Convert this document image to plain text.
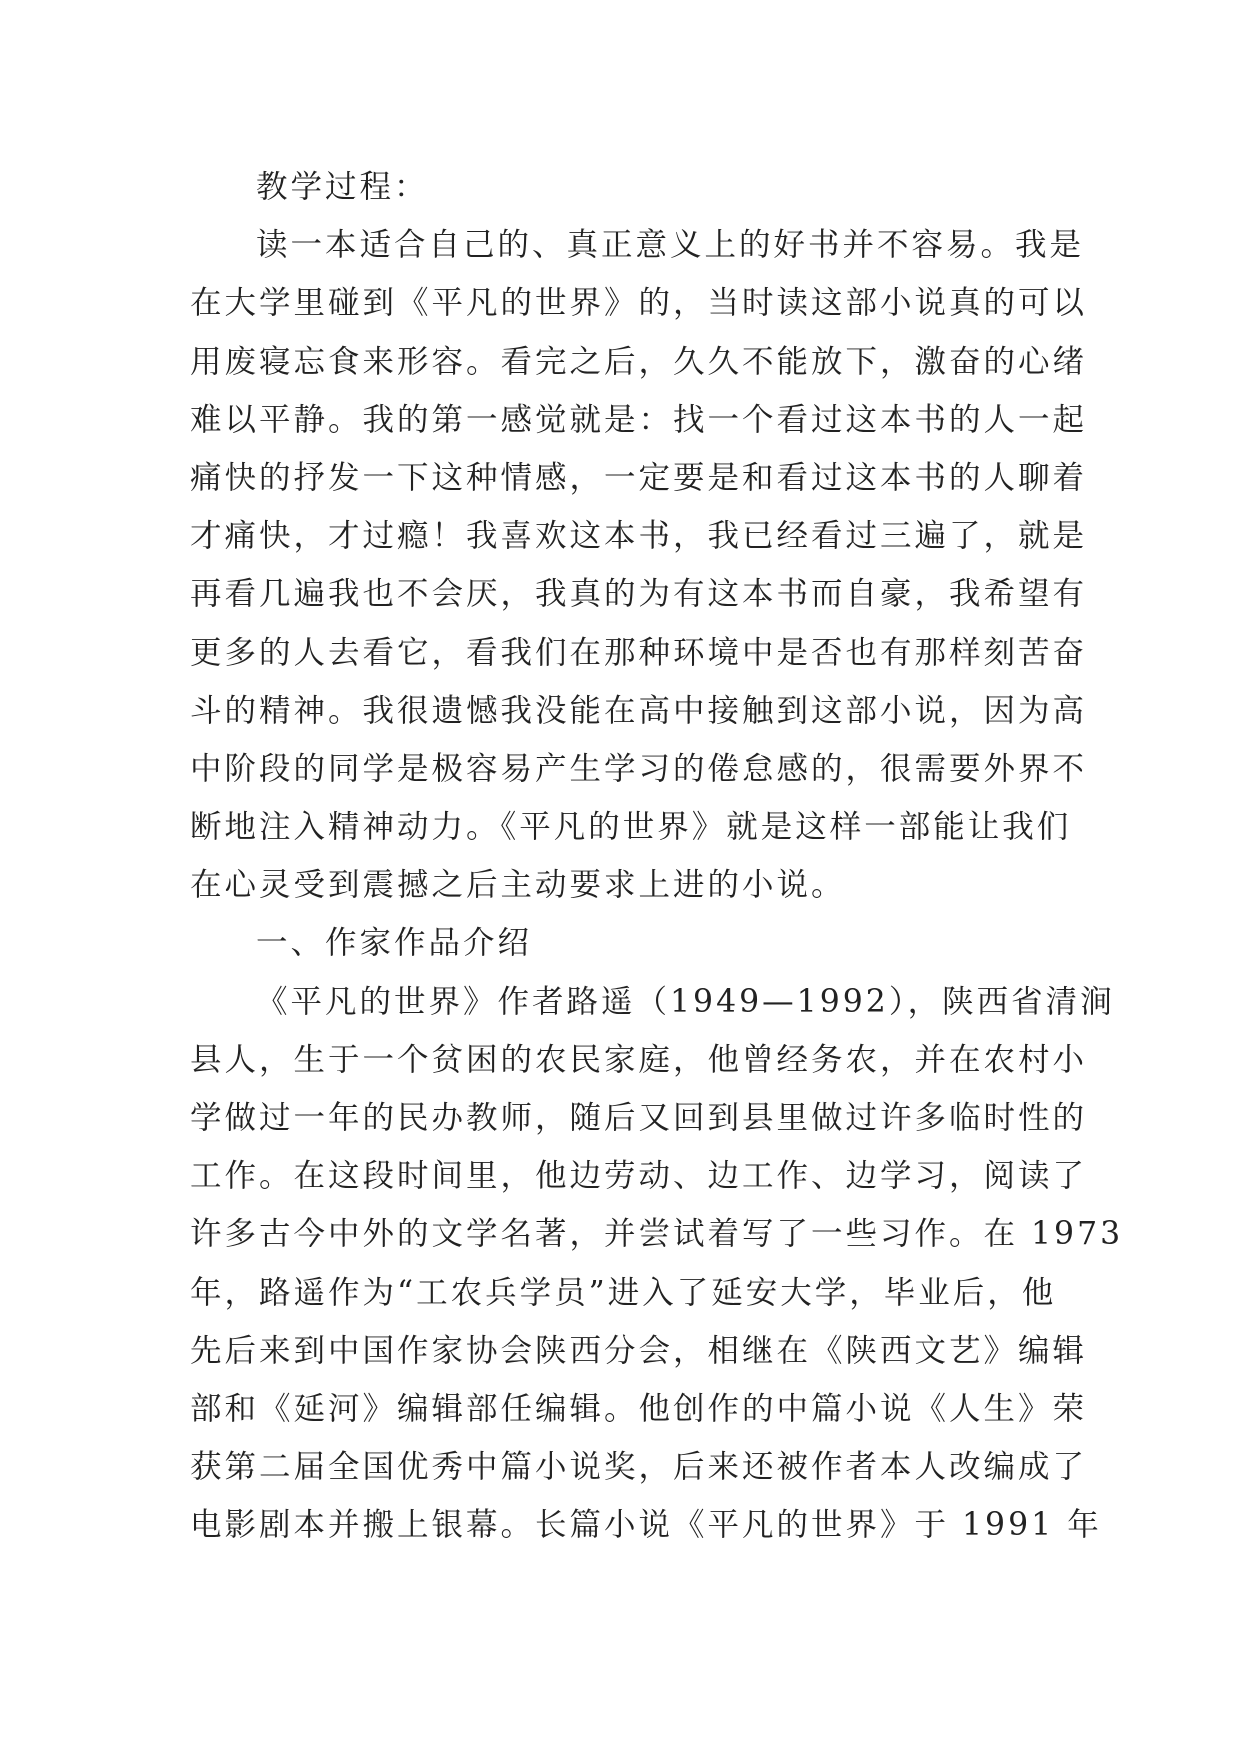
教学过程：
读一本适合自己的、真正意义上的好书并不容易。我是
在大学里碰到《平凡的世界》的，当时读这部小说真的可以
用废寝忘食来形容。看完之后，久久不能放下，激奋的心绪
难以平静。我的第一感觉就是：找一个看过这本书的人一起
痛快的抒发一下这种情感，一定要是和看过这本书的人聊着
才痛快，才过瘾！我喜欢这本书，我已经看过三遍了，就是
再看几遍我也不会厌，我真的为有这本书而自豪，我希望有
更多的人去看它，看我们在那种环境中是否也有那样刻苦奋
斗的精神。我很遗憾我没能在高中接触到这部小说，因为高
中阶段的同学是极容易产生学习的倦怠感的，很需要外界不
断地注入精神动力。《平凡的世界》就是这样一部能让我们
在心灵受到震撼之后主动要求上进的小说。
一、作家作品介绍
《平凡的世界》作者路遥（1949—1992），陕西省清涧
县人，生于一个贫困的农民家庭，他曾经务农，并在农村小
学做过一年的民办教师，随后又回到县里做过许多临时性的
工作。在这段时间里，他边劳动、边工作、边学习，阅读了
许多古今中外的文学名著，并尝试着写了一些习作。在 1973
年，路遥作为“工农兵学员”进入了延安大学，毕业后，他
先后来到中国作家协会陕西分会，相继在《陕西文艺》编辑
部和《延河》编辑部任编辑。他创作的中篇小说《人生》荣
获第二届全国优秀中篇小说奖，后来还被作者本人改编成了
电影剧本并搬上银幕。长篇小说《平凡的世界》于 1991 年
